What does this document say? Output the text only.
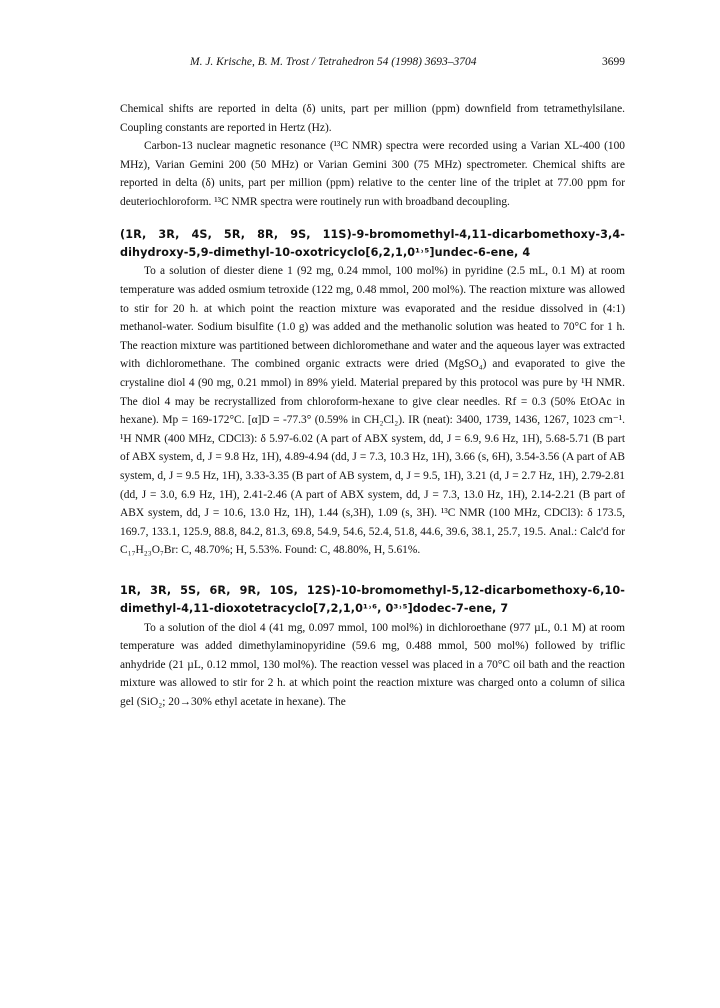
M. J. Krische, B. M. Trost / Tetrahedron 54 (1998) 3693–3704	3699

Chemical shifts are reported in delta (δ) units, part per million (ppm) downfield from tetramethylsilane. Coupling constants are reported in Hertz (Hz).

Carbon-13 nuclear magnetic resonance (¹³C NMR) spectra were recorded using a Varian XL-400 (100 MHz), Varian Gemini 200 (50 MHz) or Varian Gemini 300 (75 MHz) spectrometer. Chemical shifts are reported in delta (δ) units, part per million (ppm) relative to the center line of the triplet at 77.00 ppm for deuteriochloroform. ¹³C NMR spectra were routinely run with broadband decoupling.

(1R, 3R, 4S, 5R, 8R, 9S, 11S)-9-bromomethyl-4,11-dicarbomethoxy-3,4-dihydroxy-5,9-dimethyl-10-oxotricyclo[6,2,1,0¹˒⁵]undec-6-ene, 4

To a solution of diester diene 1 (92 mg, 0.24 mmol, 100 mol%) in pyridine (2.5 mL, 0.1 M) at room temperature was added osmium tetroxide (122 mg, 0.48 mmol, 200 mol%). The reaction mixture was allowed to stir for 20 h. at which point the reaction mixture was evaporated and the residue dissolved in (4:1) methanol-water. Sodium bisulfite (1.0 g) was added and the methanolic solution was heated to 70°C for 1 h. The reaction mixture was partitioned between dichloromethane and water and the aqueous layer was extracted with dichloromethane. The combined organic extracts were dried (MgSO₄) and evaporated to give the crystaline diol 4 (90 mg, 0.21 mmol) in 89% yield. Material prepared by this protocol was pure by ¹H NMR. The diol 4 may be recrystallized from chloroform-hexane to give clear needles. Rf = 0.3 (50% EtOAc in hexane). Mp = 169-172°C. [α]D = -77.3° (0.59% in CH₂Cl₂). IR (neat): 3400, 1739, 1436, 1267, 1023 cm⁻¹. ¹H NMR (400 MHz, CDCl3): δ 5.97-6.02 (A part of ABX system, dd, J = 6.9, 9.6 Hz, 1H), 5.68-5.71 (B part of ABX system, d, J = 9.8 Hz, 1H), 4.89-4.94 (dd, J = 7.3, 10.3 Hz, 1H), 3.66 (s, 6H), 3.54-3.56 (A part of AB system, d, J = 9.5 Hz, 1H), 3.33-3.35 (B part of AB system, d, J = 9.5, 1H), 3.21 (d, J = 2.7 Hz, 1H), 2.79-2.81 (dd, J = 3.0, 6.9 Hz, 1H), 2.41-2.46 (A part of ABX system, dd, J = 7.3, 13.0 Hz, 1H), 2.14-2.21 (B part of ABX system, dd, J = 10.6, 13.0 Hz, 1H), 1.44 (s,3H), 1.09 (s, 3H). ¹³C NMR (100 MHz, CDCl3): δ 173.5, 169.7, 133.1, 125.9, 88.8, 84.2, 81.3, 69.8, 54.9, 54.6, 52.4, 51.8, 44.6, 39.6, 38.1, 25.7, 19.5. Anal.: Calc'd for C₁₇H₂₃O₇Br: C, 48.70%; H, 5.53%. Found: C, 48.80%, H, 5.61%.

1R, 3R, 5S, 6R, 9R, 10S, 12S)-10-bromomethyl-5,12-dicarbomethoxy-6,10-dimethyl-4,11-dioxotetracyclo[7,2,1,0¹˒⁶, 0³˒⁵]dodec-7-ene, 7

To a solution of the diol 4 (41 mg, 0.097 mmol, 100 mol%) in dichloroethane (977 µL, 0.1 M) at room temperature was added dimethylaminopyridine (59.6 mg, 0.488 mmol, 500 mol%) followed by triflic anhydride (21 µL, 0.12 mmol, 130 mol%). The reaction vessel was placed in a 70°C oil bath and the reaction mixture was allowed to stir for 2 h. at which point the reaction mixture was charged onto a column of silica gel (SiO₂; 20→30% ethyl acetate in hexane). The
